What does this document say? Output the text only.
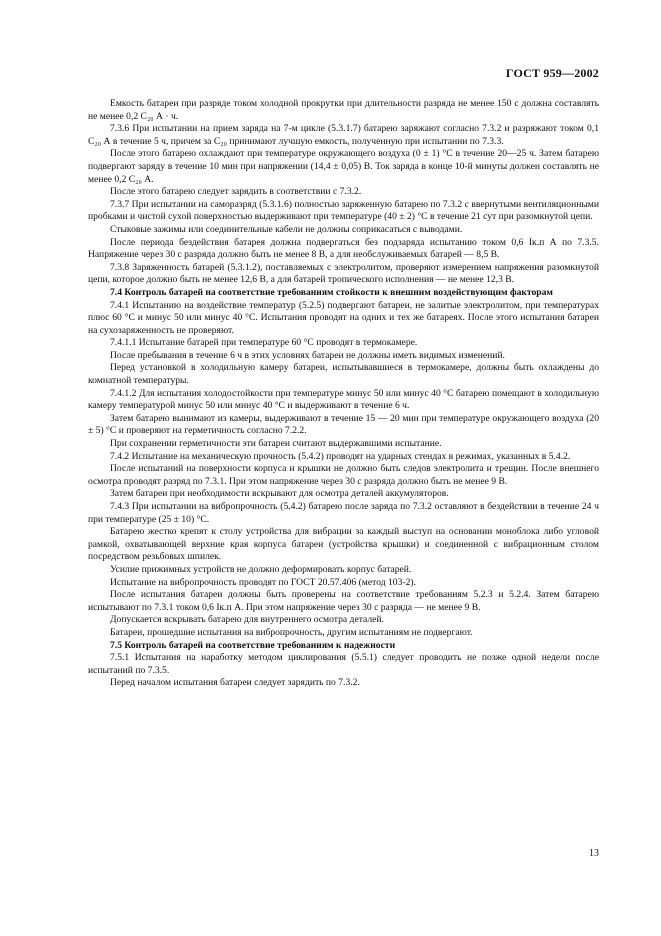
ГОСТ 959—2002

Емкость батареи при разряде током холодной прокрутки при длительности разряда не менее 150 с должна составлять не менее 0,2 C₂₀ А · ч.

7.3.6 При испытании на прием заряда на 7-м цикле (5.3.1.7) батарею заряжают согласно 7.3.2 и разряжают током 0,1 C₂₀ А в течение 5 ч, причем за C₂₀ принимают лучшую емкость, полученную при испытании по 7.3.3.

После этого батарею охлаждают при температуре окружающего воздуха (0 ± 1) °С в течение 20—25 ч. Затем батарею подвергают заряду в течение 10 мин при напряжении (14,4 ± 0,05) В. Ток заряда в конце 10-й минуты должен составлять не менее 0,2 C₂₀ А.

После этого батарею следует зарядить в соответствии с 7.3.2.

7.3.7 При испытании на саморазряд (5.3.1.6) полностью заряженную батарею по 7.3.2 с ввернутыми вентиляционными пробками и чистой сухой поверхностью выдерживают при температуре (40 ± 2) °С в течение 21 сут при разомкнутой цепи.

Стыковые зажимы или соединительные кабели не должны соприкасаться с выводами.

После периода бездействия батарея должна подвергаться без подзаряда испытанию током 0,6 Iк.п А по 7.3.5. Напряжение через 30 с разряда должно быть не менее 8 В, а для необслуживаемых батарей — 8,5 В.

7.3.8 Заряженность батарей (5.3.1.2), поставляемых с электролитом, проверяют измерением напряжения разомкнутой цепи, которое должно быть не менее 12,6 В, а для батарей тропического исполнения — не менее 12,3 В.

7.4 Контроль батарей на соответствие требованиям стойкости к внешним воздействующим факторам

7.4.1 Испытанию на воздействие температур (5.2.5) подвергают батареи, не залитые электролитом, при температурах плюс 60 °С и минус 50 или минус 40 °С. Испытания проводят на одних и тех же батареях. После этого испытания батареи на сухозаряженность не проверяют.

7.4.1.1 Испытание батарей при температуре 60 °С проводят в термокамере.

После пребывания в течение 6 ч в этих условиях батареи не должны иметь видимых изменений.

Перед установкой в холодильную камеру батареи, испытывавшиеся в термокамере, должны быть охлаждены до комнатной температуры.

7.4.1.2 Для испытания холодостойкости при температуре минус 50 или минус 40 °С батарею помещают в холодильную камеру температурой минус 50 или минус 40 °С и выдерживают в течение 6 ч.

Затем батарею вынимают из камеры, выдерживают в течение 15 — 20 мин при температуре окружающего воздуха (20 ± 5) °С и проверяют на герметичность согласно 7.2.2.

При сохранении герметичности эти батареи считают выдержавшими испытание.

7.4.2 Испытание на механическую прочность (5.4.2) проводят на ударных стендах в режимах, указанных в 5.4.2.

После испытаний на поверхности корпуса и крышки не должно быть следов электролита и трещин. После внешнего осмотра проводят разряд по 7.3.1. При этом напряжение через 30 с разряда должно быть не менее 9 В.

Затем батареи при необходимости вскрывают для осмотра деталей аккумуляторов.

7.4.3 При испытании на вибропрочность (5.4.2) батарею после заряда по 7.3.2 оставляют в бездействии в течение 24 ч при температуре (25 ± 10) °С.

Батарею жестко крепят к столу устройства для вибрации за каждый выступ на основании моноблока либо угловой рамкой, охватывающей верхние края корпуса батареи (устройства крышки) и соединенной с вибрационным столом посредством резьбовых шпилек.

Усилие прижимных устройств не должно деформировать корпус батарей.

Испытание на вибропрочность проводят по ГОСТ 20.57.406 (метод 103-2).

После испытания батареи должны быть проверены на соответствие требованиям 5.2.3 и 5.2.4. Затем батарею испытывают по 7.3.1 током 0,6 Iк.п А. При этом напряжение через 30 с разряда — не менее 9 В.

Допускается вскрывать батарею для внутреннего осмотра деталей.

Батареи, прошедшие испытания на вибропрочность, другим испытаниям не подвергают.

7.5 Контроль батарей на соответствие требованиям к надежности

7.5.1 Испытания на наработку методом циклирования (5.5.1) следует проводить не позже одной недели после испытаний по 7.3.5.

Перед началом испытания батареи следует зарядить по 7.3.2.

13
